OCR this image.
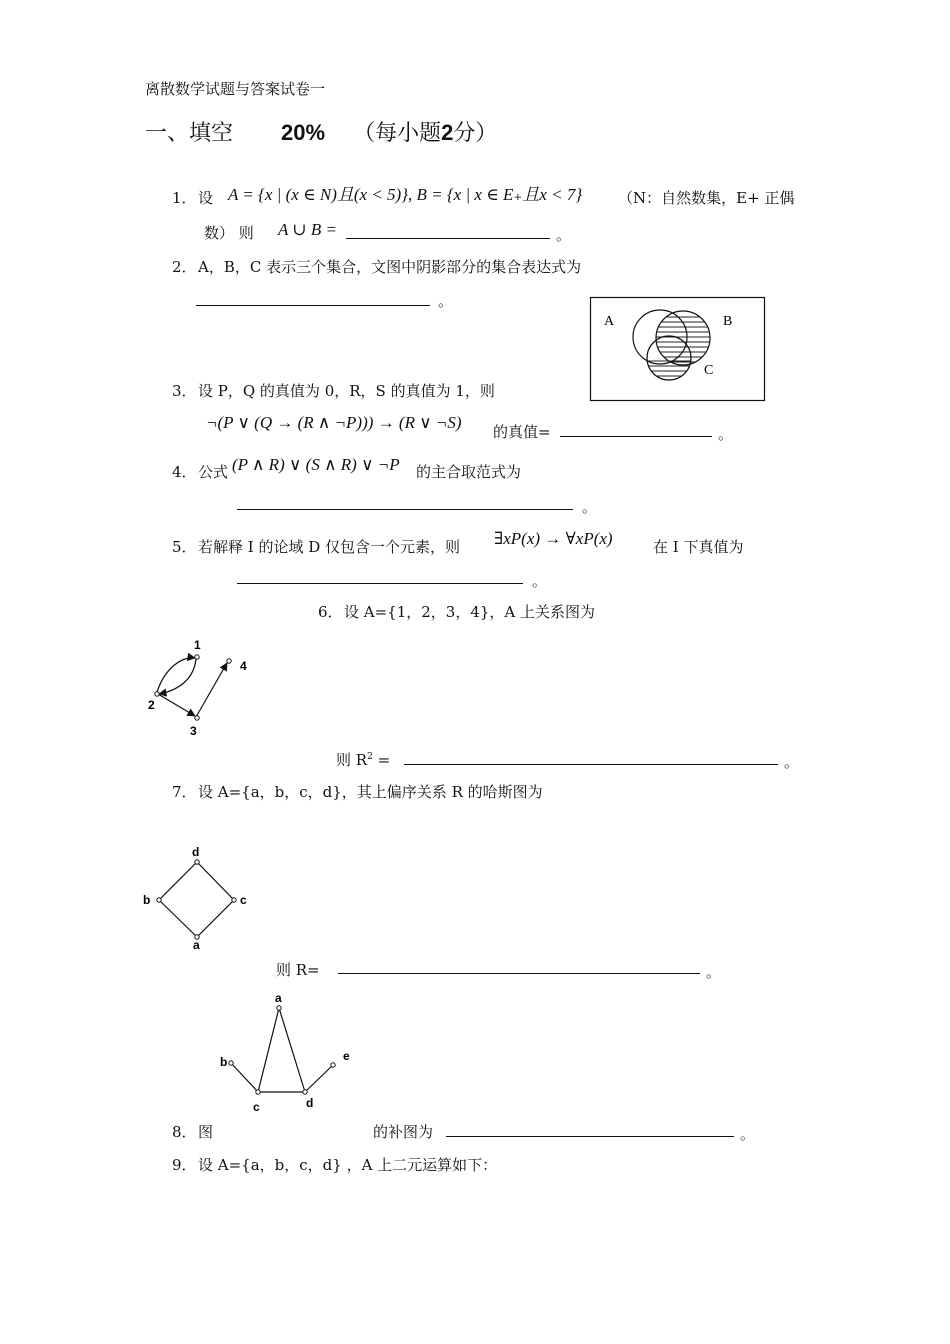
离散数学试题与答案试卷一
一、填空 20% （每小题2分）
1． 设 A = {x | (x ∈ N)且(x < 5)}, B = {x | x ∈ E₊且x < 7} （N：自然数集，E+ 正偶
数） 则 A ∪ B =	。
2． A，B，C 表示三个集合，文图中阴影部分的集合表达式为
。
A	B
C
3． 设 P，Q 的真值为 0，R，S 的真值为 1，则
¬(P ∨ (Q → (R ∧ ¬P))) → (R ∨ ¬S) 的真值=	。
4． 公式 (P ∧ R) ∨ (S ∧ R) ∨ ¬P 的主合取范式为
。
5． 若解释 I 的论域 D 仅包含一个元素，则 ∃xP(x) → ∀xP(x)	在 I 下真值为
。
6． 设 A={1，2，3，4}，A 上关系图为
1
2
3
4
则 $R^2$ =	。
7． 设 A={a，b，c，d}，其上偏序关系 R 的哈斯图为
d
b	c
a
则 R=	。
a
b
c	d
e
8． 图	的补图为	。
9． 设 A={a，b，c，d} ，A 上二元运算如下：
